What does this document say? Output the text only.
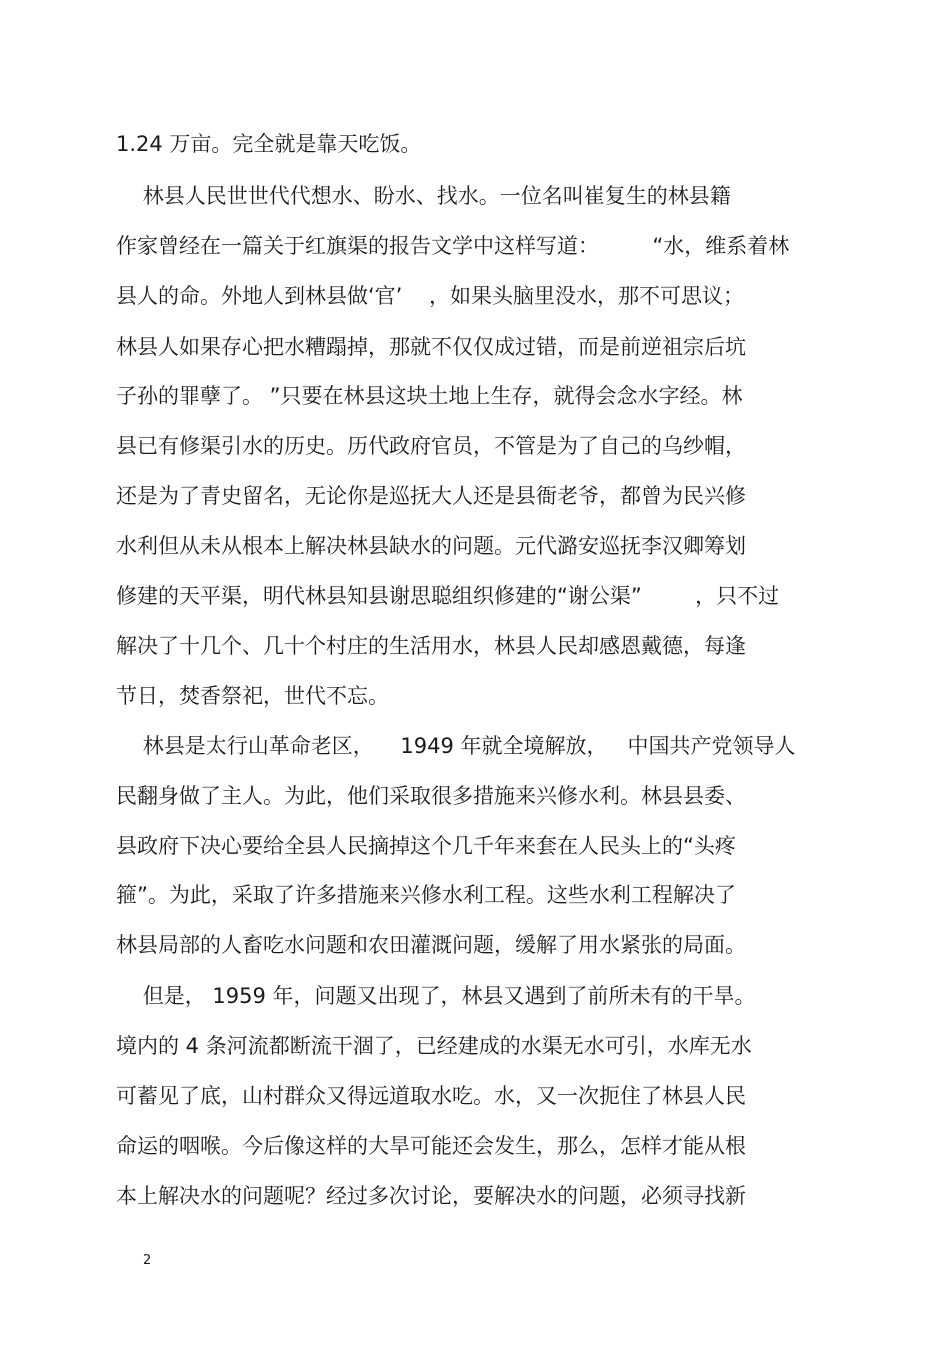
1.24 万亩。完全就是靠天吃饭。
林县人民世世代代想水、盼水、找水。一位名叫崔复生的林县籍
作家曾经在一篇关于红旗渠的报告文学中这样写道：        “水，维系着林
县人的命。外地人到林县做‘官’    ，如果头脑里没水，那不可思议；
林县人如果存心把水糟蹋掉，那就不仅仅成过错，而是前逆祖宗后坑
子孙的罪孽了。 ”只要在林县这块土地上生存，就得会念水字经。林
县已有修渠引水的历史。历代政府官员，不管是为了自己的乌纱帽，
还是为了青史留名，无论你是巡抚大人还是县衙老爷，都曾为民兴修
水利但从未从根本上解决林县缺水的问题。元代潞安巡抚李汉卿筹划
修建的天平渠，明代林县知县谢思聪组织修建的“谢公渠”        ，只不过
解决了十几个、几十个村庄的生活用水，林县人民却感恩戴德，每逢
节日，焚香祭祀，世代不忘。
林县是太行山革命老区，    1949 年就全境解放，   中国共产党领导人
民翻身做了主人。为此，他们采取很多措施来兴修水利。林县县委、
县政府下决心要给全县人民摘掉这个几千年来套在人民头上的“头疼
箍”。为此，采取了许多措施来兴修水利工程。这些水利工程解决了
林县局部的人畜吃水问题和农田灌溉问题，缓解了用水紧张的局面。
但是， 1959 年，问题又出现了，林县又遇到了前所未有的干旱。
境内的 4 条河流都断流干涸了，已经建成的水渠无水可引，水库无水
可蓄见了底，山村群众又得远道取水吃。水，又一次扼住了林县人民
命运的咽喉。今后像这样的大旱可能还会发生，那么，怎样才能从根
本上解决水的问题呢？经过多次讨论，要解决水的问题，必须寻找新
2
